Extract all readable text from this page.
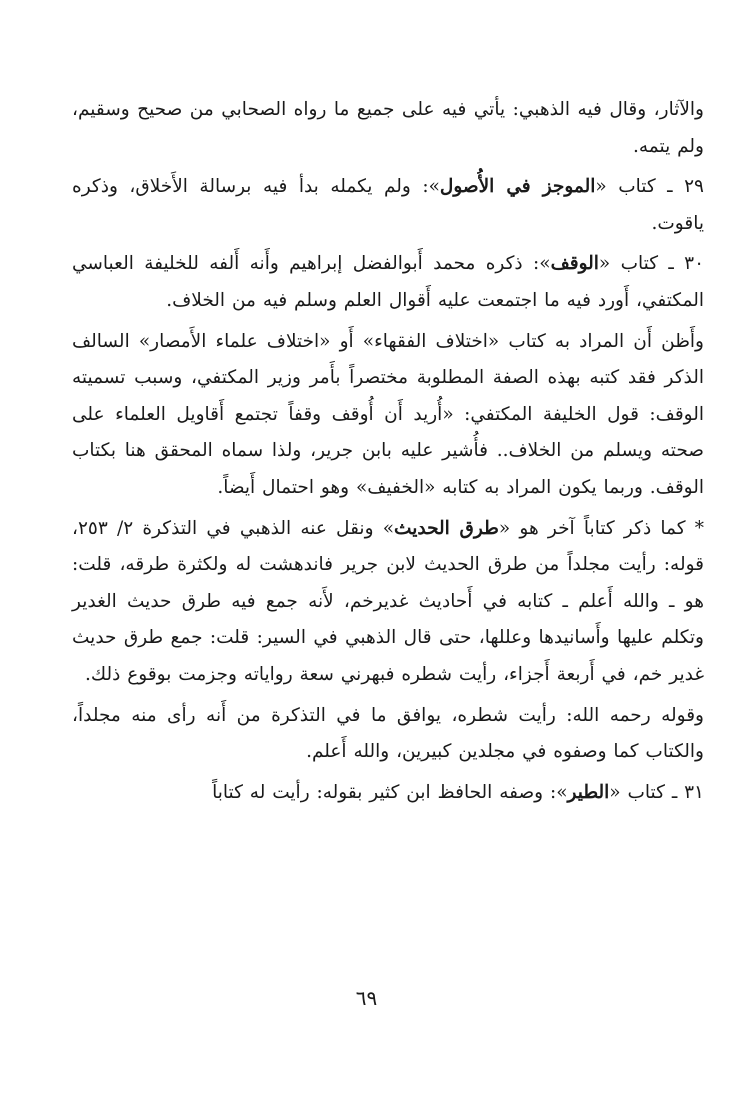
والآثار، وقال فيه الذهبي: يأتي فيه على جميع ما رواه الصحابي من صحيح وسقيم، ولم يتمه.

٢٩ ـ كتاب «الموجز في الأُصول»: ولم يكمله بدأ فيه برسالة الأَخلاق، وذكره ياقوت.

٣٠ ـ كتاب «الوقف»: ذكره محمد أَبوالفضل إبراهيم وأَنه أَلفه للخليفة العباسي المكتفي، أَورد فيه ما اجتمعت عليه أَقوال العلم وسلم فيه من الخلاف.

وأَظن أَن المراد به كتاب «اختلاف الفقهاء» أَو «اختلاف علماء الأَمصار» السالف الذكر فقد كتبه بهذه الصفة المطلوبة مختصراً بأَمر وزير المكتفي، وسبب تسميته الوقف: قول الخليفة المكتفي: «أُريد أَن أُوقف وقفاً تجتمع أَقاويل العلماء على صحته ويسلم من الخلاف.. فأُشير عليه بابن جرير، ولذا سماه المحقق هنا بكتاب الوقف. وربما يكون المراد به كتابه «الخفيف» وهو احتمال أَيضاً.

* كما ذكر كتاباً آخر هو «طرق الحديث» ونقل عنه الذهبي في التذكرة ٢/ ٢٥٣، قوله: رأيت مجلداً من طرق الحديث لابن جرير فاندهشت له ولكثرة طرقه، قلت: هو ـ والله أَعلم ـ كتابه في أَحاديث غديرخم، لأَنه جمع فيه طرق حديث الغدير وتكلم عليها وأَسانيدها وعللها، حتى قال الذهبي في السير: قلت: جمع طرق حديث غدير خم، في أَربعة أَجزاء، رأيت شطره فبهرني سعة رواياته وجزمت بوقوع ذلك.

وقوله رحمه الله: رأيت شطره، يوافق ما في التذكرة من أَنه رأى منه مجلداً، والكتاب كما وصفوه في مجلدين كبيرين، والله أَعلم.

٣١ ـ كتاب «الطير»: وصفه الحافظ ابن كثير بقوله: رأيت له كتاباً

٦٩
